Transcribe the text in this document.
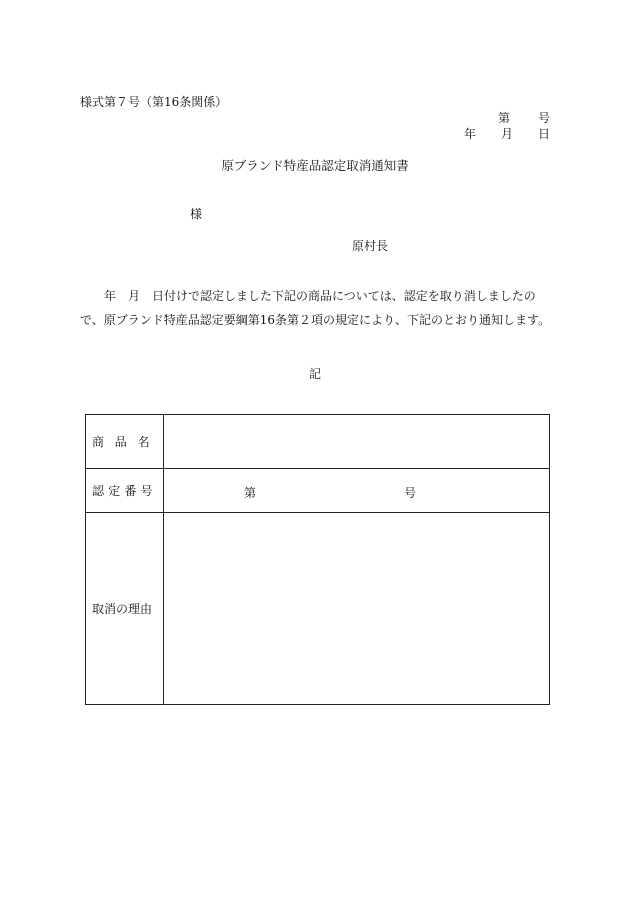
様式第７号（第16条関係）
第 号
年 月 日
原ブランド特産品認定取消通知書
様
原村長
年　月　日付けで認定しました下記の商品については、認定を取り消しましたの
で、原ブランド特産品認定要綱第16条第２項の規定により、下記のとおり通知します。
記
商品名	
認定番号	第 号

取消の理由	
